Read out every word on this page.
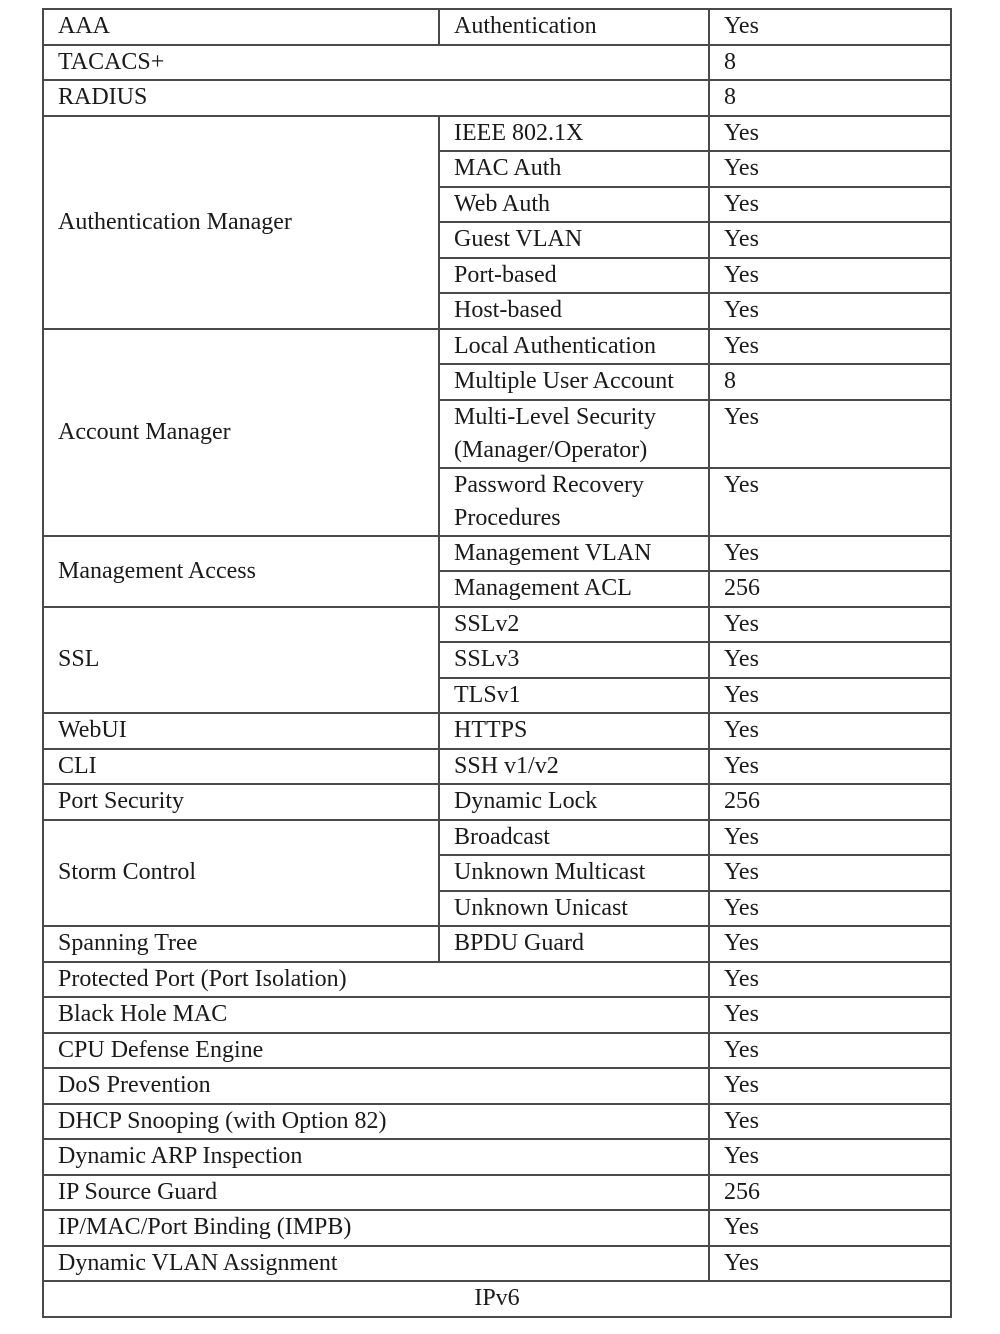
AAA	Authentication	Yes
TACACS+		8
RADIUS		8
Authentication Manager	IEEE 802.1X	Yes
	MAC Auth	Yes
	Web Auth	Yes
	Guest VLAN	Yes
	Port-based	Yes
	Host-based	Yes
Account Manager	Local Authentication	Yes
	Multiple User Account	8
	Multi-Level Security (Manager/Operator)	Yes
	Password Recovery Procedures	Yes
Management Access	Management VLAN	Yes
	Management ACL	256
SSL	SSLv2	Yes
	SSLv3	Yes
	TLSv1	Yes
WebUI	HTTPS	Yes
CLI	SSH v1/v2	Yes
Port Security	Dynamic Lock	256
Storm Control	Broadcast	Yes
	Unknown Multicast	Yes
	Unknown Unicast	Yes
Spanning Tree	BPDU Guard	Yes
Protected Port (Port Isolation)		Yes
Black Hole MAC		Yes
CPU Defense Engine		Yes
DoS Prevention		Yes
DHCP Snooping (with Option 82)		Yes
Dynamic ARP Inspection		Yes
IP Source Guard		256
IP/MAC/Port Binding (IMPB)		Yes
Dynamic VLAN Assignment		Yes
IPv6		
